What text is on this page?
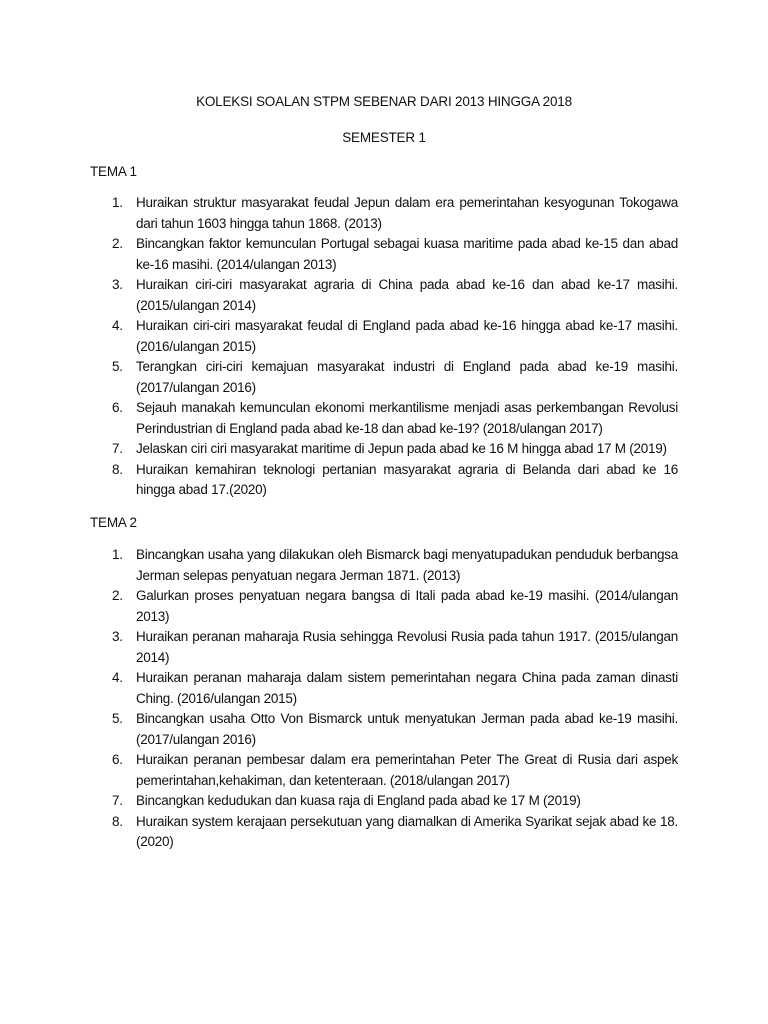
KOLEKSI SOALAN STPM SEBENAR DARI 2013 HINGGA 2018
SEMESTER 1
TEMA 1
1. Huraikan struktur masyarakat feudal Jepun dalam era pemerintahan kesyogunan Tokogawa dari tahun 1603 hingga tahun 1868. (2013)
2. Bincangkan faktor kemunculan Portugal sebagai kuasa maritime pada abad ke-15 dan abad ke-16 masihi. (2014/ulangan 2013)
3. Huraikan ciri-ciri masyarakat agraria di China pada abad ke-16 dan abad ke-17 masihi. (2015/ulangan 2014)
4. Huraikan ciri-ciri masyarakat feudal di England pada abad ke-16 hingga abad ke-17 masihi. (2016/ulangan 2015)
5. Terangkan ciri-ciri kemajuan masyarakat industri di England pada abad ke-19 masihi. (2017/ulangan 2016)
6. Sejauh manakah kemunculan ekonomi merkantilisme menjadi asas perkembangan Revolusi Perindustrian di England pada abad ke-18 dan abad ke-19? (2018/ulangan 2017)
7. Jelaskan ciri ciri masyarakat maritime di Jepun pada abad ke 16 M hingga abad 17 M (2019)
8. Huraikan kemahiran teknologi pertanian masyarakat agraria di Belanda dari abad ke 16 hingga abad 17.(2020)
TEMA 2
1. Bincangkan usaha yang dilakukan oleh Bismarck bagi menyatupadukan penduduk berbangsa Jerman selepas penyatuan negara Jerman 1871. (2013)
2. Galurkan proses penyatuan negara bangsa di Itali pada abad ke-19 masihi. (2014/ulangan 2013)
3. Huraikan peranan maharaja Rusia sehingga Revolusi Rusia pada tahun 1917. (2015/ulangan 2014)
4. Huraikan peranan maharaja dalam sistem pemerintahan negara China pada zaman dinasti Ching. (2016/ulangan 2015)
5. Bincangkan usaha Otto Von Bismarck untuk menyatukan Jerman pada abad ke-19 masihi. (2017/ulangan 2016)
6. Huraikan peranan pembesar dalam era pemerintahan Peter The Great di Rusia dari aspek pemerintahan,kehakiman, dan ketenteraan. (2018/ulangan 2017)
7. Bincangkan kedudukan dan kuasa raja di England pada abad ke 17 M (2019)
8. Huraikan system kerajaan persekutuan yang diamalkan di Amerika Syarikat sejak abad ke 18. (2020)
